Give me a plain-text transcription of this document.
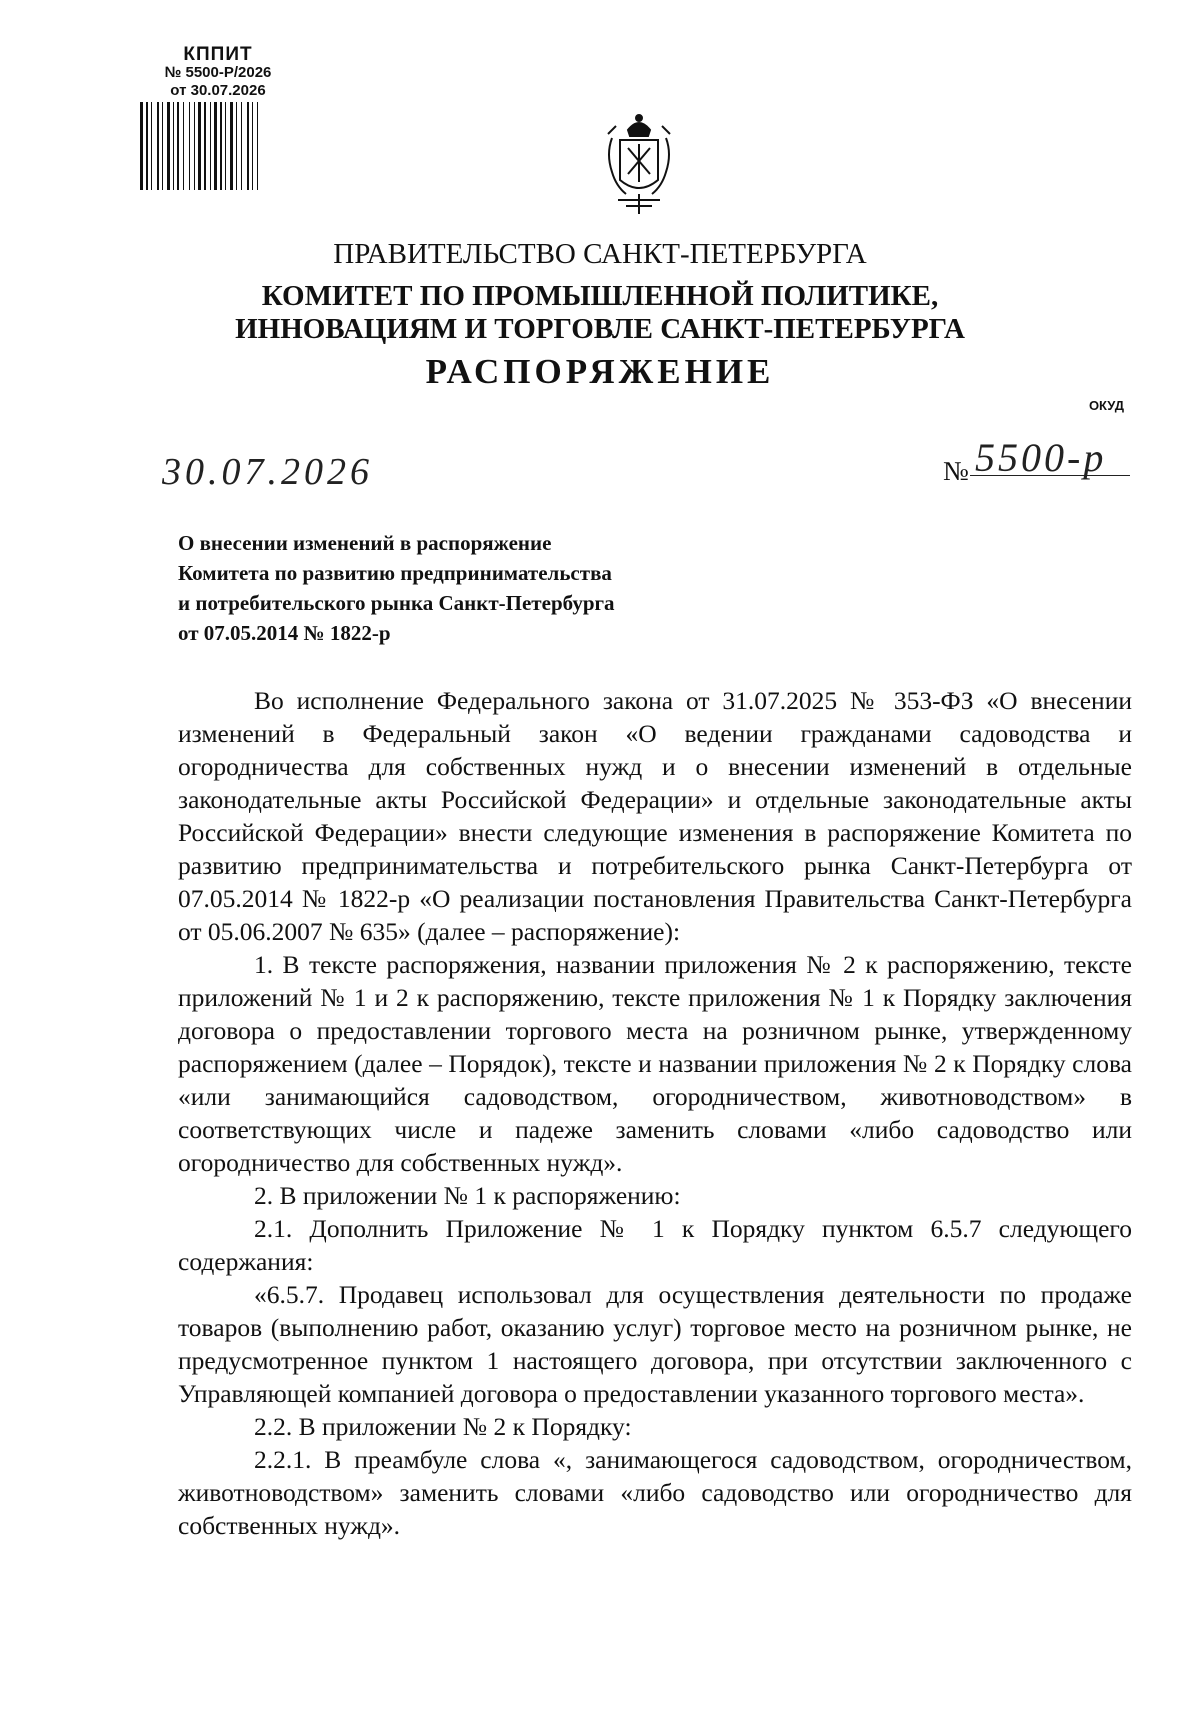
КППИТ
№ 5500-Р/2026
от 30.07.2026
ПРАВИТЕЛЬСТВО САНКТ-ПЕТЕРБУРГА
КОМИТЕТ ПО ПРОМЫШЛЕННОЙ ПОЛИТИКЕ,
ИННОВАЦИЯМ И ТОРГОВЛЕ САНКТ-ПЕТЕРБУРГА
РАСПОРЯЖЕНИЕ
ОКУД
30.07.2026	№ 5500-р
О внесении изменений в распоряжение
Комитета по развитию предпринимательства
и потребительского рынка Санкт-Петербурга
от 07.05.2014 № 1822-р

Во исполнение Федерального закона от 31.07.2025 № 353-ФЗ «О внесении изменений в Федеральный закон «О ведении гражданами садоводства и огородничества для собственных нужд и о внесении изменений в отдельные законодательные акты Российской Федерации» и отдельные законодательные акты Российской Федерации» внести следующие изменения в распоряжение Комитета по развитию предпринимательства и потребительского рынка Санкт-Петербурга от 07.05.2014 № 1822-р «О реализации постановления Правительства Санкт-Петербурга от 05.06.2007 № 635» (далее – распоряжение):

1. В тексте распоряжения, названии приложения № 2 к распоряжению, тексте приложений № 1 и 2 к распоряжению, тексте приложения № 1 к Порядку заключения договора о предоставлении торгового места на розничном рынке, утвержденному распоряжением (далее – Порядок), тексте и названии приложения № 2 к Порядку слова «или занимающийся садоводством, огородничеством, животноводством» в соответствующих числе и падеже заменить словами «либо садоводство или огородничество для собственных нужд».

2. В приложении № 1 к распоряжению:

2.1. Дополнить Приложение № 1 к Порядку пунктом 6.5.7 следующего содержания:

«6.5.7. Продавец использовал для осуществления деятельности по продаже товаров (выполнению работ, оказанию услуг) торговое место на розничном рынке, не предусмотренное пунктом 1 настоящего договора, при отсутствии заключенного с Управляющей компанией договора о предоставлении указанного торгового места».

2.2. В приложении № 2 к Порядку:

2.2.1. В преамбуле слова «, занимающегося садоводством, огородничеством, животноводством» заменить словами «либо садоводство или огородничество для собственных нужд».
